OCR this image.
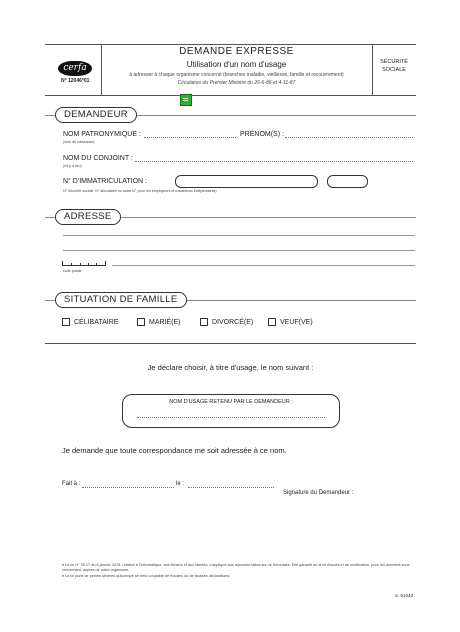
cerfa
N° 12046*01
DEMANDE EXPRESSE
Utilisation d'un nom d'usage
à adresser à chaque organisme concerné (branches maladie, vieillesse, famille et recouvrement)
Circulaires du Premier Ministre du 26-6-86 et 4-11-87
SÉCURITÉ
SOCIALE
DEMANDEUR
NOM PATRONYMIQUE :
(nom de naissance)
PRÉNOM(S) :
NOM DU CONJOINT :
(s'il y a lieu)
N° D'IMMATRICULATION :
N° Sécurité sociale, N° allocataire ou autre N°, pour les employeurs et travailleurs indépendants)
ADRESSE
code postal
SITUATION DE FAMILLE
CÉLIBATAIRE	MARIÉ(E)	DIVORCÉ(E)	VEUF(VE)
Je déclare choisir, à titre d'usage, le nom suivant :
NOM D'USAGE RETENU PAR LE DEMANDEUR :
Je demande que toute correspondance me soit adressée à ce nom.
Fait à :	le :
Signature du Demandeur :
♦ La loi N° 78-17 du 6 janvier 1978, relative à l'informatique, aux fichiers et aux libertés, s'applique aux réponses faites sur ce formulaire. Elle garantit un droit d'accès et de rectification, pour les données vous concernant, auprès de notre organisme.
♦ La loi punit de peines sévères quiconque se rend coupable de fraudes ou de fausses déclarations.
S. 6104d
